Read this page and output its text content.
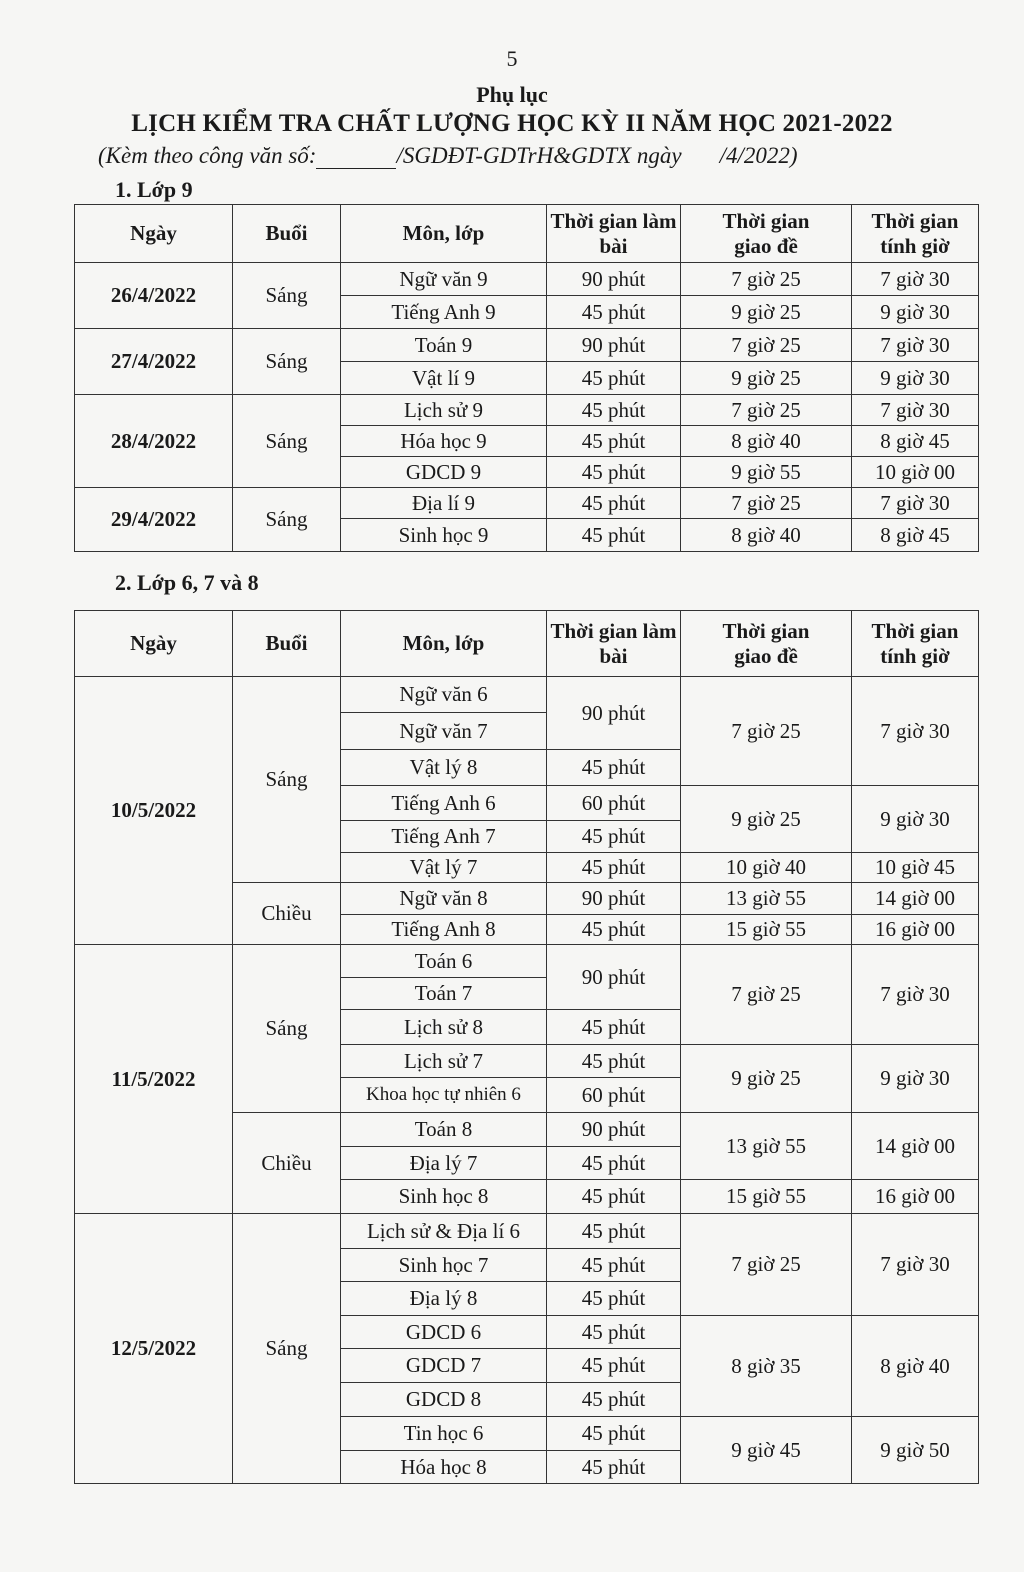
5
Phụ lục
LỊCH KIỂM TRA CHẤT LƯỢNG HỌC KỲ II NĂM HỌC 2021-2022
(Kèm theo công văn số:	/SGDĐT-GDTrH&GDTX ngày /4/2022)
1. Lớp 9
Ngày	Buổi	Môn, lớp	Thời gian làm bài	Thời gian giao đề	Thời gian tính giờ
26/4/2022	Sáng	Ngữ văn 9	90 phút	7 giờ 25	7 giờ 30
		Tiếng Anh 9	45 phút	9 giờ 25	9 giờ 30
27/4/2022	Sáng	Toán 9	90 phút	7 giờ 25	7 giờ 30
		Vật lí 9	45 phút	9 giờ 25	9 giờ 30
28/4/2022	Sáng	Lịch sử 9	45 phút	7 giờ 25	7 giờ 30
		Hóa học 9	45 phút	8 giờ 40	8 giờ 45
		GDCD 9	45 phút	9 giờ 55	10 giờ 00
29/4/2022	Sáng	Địa lí 9	45 phút	7 giờ 25	7 giờ 30
		Sinh học 9	45 phút	8 giờ 40	8 giờ 45
2. Lớp 6, 7 và 8
Ngày	Buổi	Môn, lớp	Thời gian làm bài	Thời gian giao đề	Thời gian tính giờ
10/5/2022	Sáng	Ngữ văn 6	90 phút	7 giờ 25	7 giờ 30
		Ngữ văn 7			
		Vật lý 8	45 phút		
		Tiếng Anh 6	60 phút	9 giờ 25	9 giờ 30
		Tiếng Anh 7	45 phút		
		Vật lý 7	45 phút	10 giờ 40	10 giờ 45
	Chiều	Ngữ văn 8	90 phút	13 giờ 55	14 giờ 00
		Tiếng Anh 8	45 phút	15 giờ 55	16 giờ 00
11/5/2022	Sáng	Toán 6	90 phút	7 giờ 25	7 giờ 30
		Toán 7			
		Lịch sử 8	45 phút		
		Lịch sử 7	45 phút	9 giờ 25	9 giờ 30
		Khoa học tự nhiên 6	60 phút		
	Chiều	Toán 8	90 phút	13 giờ 55	14 giờ 00
		Địa lý 7	45 phút		
		Sinh học 8	45 phút	15 giờ 55	16 giờ 00
12/5/2022	Sáng	Lịch sử & Địa lí 6	45 phút	7 giờ 25	7 giờ 30
		Sinh học 7	45 phút		
		Địa lý 8	45 phút		
		GDCD 6	45 phút	8 giờ 35	8 giờ 40
		GDCD 7	45 phút		
		GDCD 8	45 phút		
		Tin học 6	45 phút	9 giờ 45	9 giờ 50
		Hóa học 8	45 phút		
